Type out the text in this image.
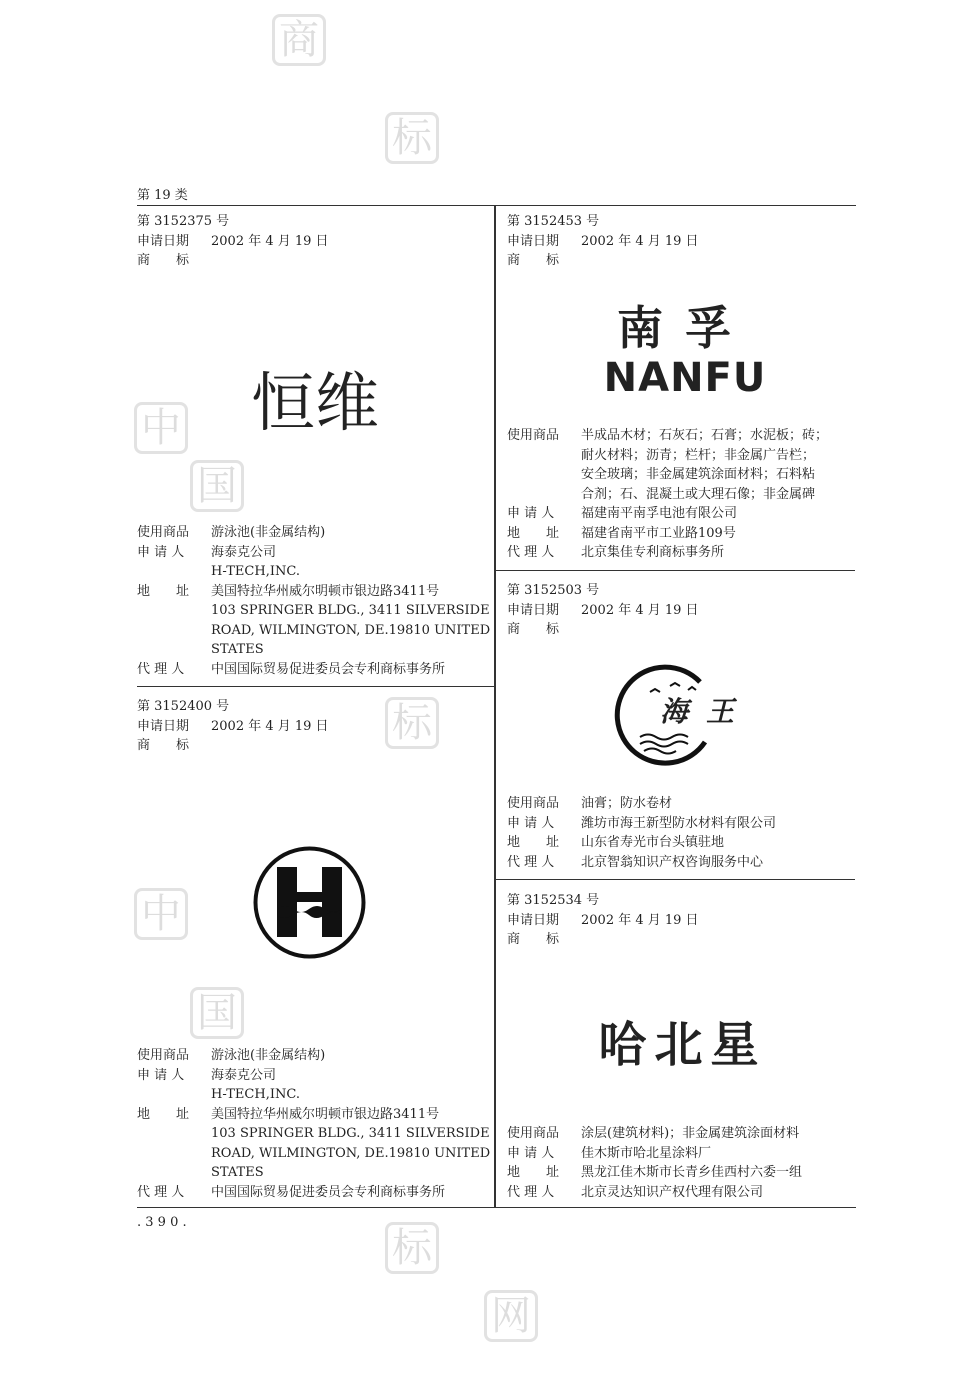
商
标
中
国
标
中
国
标
网
第 19 类
. 3 9 0 .
第 3152375 号
申请日期	2002 年 4 月 19 日
商　　标
恒维
使用商品	游泳池(非金属结构)
申 请 人	海泰克公司
H-TECH,INC.
地　　址	美国特拉华州威尔明顿市银边路3411号
103 SPRINGER BLDG., 3411 SILVERSIDE
ROAD, WILMINGTON, DE.19810 UNITED
STATES
代 理 人	中国国际贸易促进委员会专利商标事务所
第 3152400 号
申请日期	2002 年 4 月 19 日
商　　标
使用商品	游泳池(非金属结构)
申 请 人	海泰克公司
H-TECH,INC.
地　　址	美国特拉华州威尔明顿市银边路3411号
103 SPRINGER BLDG., 3411 SILVERSIDE
ROAD, WILMINGTON, DE.19810 UNITED
STATES
代 理 人	中国国际贸易促进委员会专利商标事务所
第 3152453 号
申请日期	2002 年 4 月 19 日
商　　标
南孚
NANFU
使用商品	半成品木材；石灰石；石膏；水泥板；砖；
耐火材料；沥青；栏杆；非金属广告栏；
安全玻璃；非金属建筑涂面材料；石料粘
合剂；石、混凝土或大理石像；非金属碑
申 请 人	福建南平南孚电池有限公司
地　　址	福建省南平市工业路109号
代 理 人	北京集佳专利商标事务所
第 3152503 号
申请日期	2002 年 4 月 19 日
商　　标
海王
使用商品	油膏；防水卷材
申 请 人	潍坊市海王新型防水材料有限公司
地　　址	山东省寿光市台头镇驻地
代 理 人	北京智翁知识产权咨询服务中心
第 3152534 号
申请日期	2002 年 4 月 19 日
商　　标
哈北星
使用商品	涂层(建筑材料)；非金属建筑涂面材料
申 请 人	佳木斯市哈北星涂料厂
地　　址	黑龙江佳木斯市长青乡佳西村六委一组
代 理 人	北京灵达知识产权代理有限公司
